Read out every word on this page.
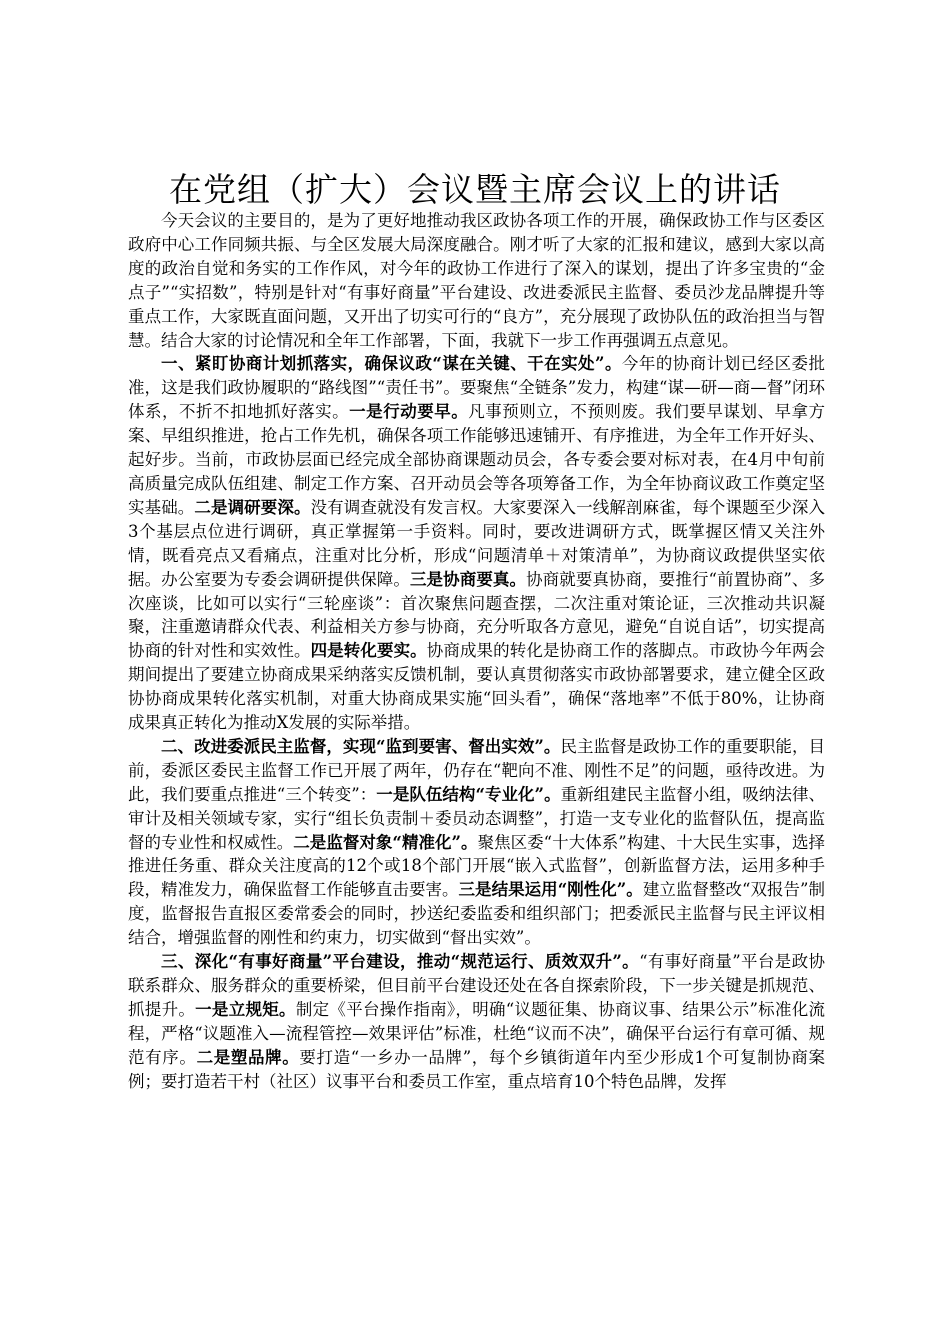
在党组（扩大）会议暨主席会议上的讲话

今天会议的主要目的，是为了更好地推动我区政协各项工作的开展，确保政协工作与区委区政府中心工作同频共振、与全区发展大局深度融合。刚才听了大家的汇报和建议，感到大家以高度的政治自觉和务实的工作作风，对今年的政协工作进行了深入的谋划，提出了许多宝贵的“金点子”“实招数”，特别是针对“有事好商量”平台建设、改进委派民主监督、委员沙龙品牌提升等重点工作，大家既直面问题，又开出了切实可行的“良方”，充分展现了政协队伍的政治担当与智慧。结合大家的讨论情况和全年工作部署，下面，我就下一步工作再强调五点意见。

一、紧盯协商计划抓落实，确保议政“谋在关键、干在实处”。今年的协商计划已经区委批准，这是我们政协履职的“路线图”“责任书”。要聚焦“全链条”发力，构建“谋—研—商—督”闭环体系，不折不扣地抓好落实。一是行动要早。凡事预则立，不预则废。我们要早谋划、早拿方案、早组织推进，抢占工作先机，确保各项工作能够迅速铺开、有序推进，为全年工作开好头、起好步。当前，市政协层面已经完成全部协商课题动员会，各专委会要对标对表，在4月中旬前高质量完成队伍组建、制定工作方案、召开动员会等各项筹备工作，为全年协商议政工作奠定坚实基础。二是调研要深。没有调查就没有发言权。大家要深入一线解剖麻雀，每个课题至少深入3个基层点位进行调研，真正掌握第一手资料。同时，要改进调研方式，既掌握区情又关注外情，既看亮点又看痛点，注重对比分析，形成“问题清单＋对策清单”，为协商议政提供坚实依据。办公室要为专委会调研提供保障。三是协商要真。协商就要真协商，要推行“前置协商”、多次座谈，比如可以实行“三轮座谈”：首次聚焦问题查摆，二次注重对策论证，三次推动共识凝聚，注重邀请群众代表、利益相关方参与协商，充分听取各方意见，避免“自说自话”，切实提高协商的针对性和实效性。四是转化要实。协商成果的转化是协商工作的落脚点。市政协今年两会期间提出了要建立协商成果采纳落实反馈机制，要认真贯彻落实市政协部署要求，建立健全区政协协商成果转化落实机制，对重大协商成果实施“回头看”，确保“落地率”不低于80%，让协商成果真正转化为推动X发展的实际举措。

二、改进委派民主监督，实现“监到要害、督出实效”。民主监督是政协工作的重要职能，目前，委派区委民主监督工作已开展了两年，仍存在“靶向不准、刚性不足”的问题，亟待改进。为此，我们要重点推进“三个转变”：一是队伍结构“专业化”。重新组建民主监督小组，吸纳法律、审计及相关领域专家，实行“组长负责制＋委员动态调整”，打造一支专业化的监督队伍，提高监督的专业性和权威性。二是监督对象“精准化”。聚焦区委“十大体系”构建、十大民生实事，选择推进任务重、群众关注度高的12个或18个部门开展“嵌入式监督”，创新监督方法，运用多种手段，精准发力，确保监督工作能够直击要害。三是结果运用“刚性化”。建立监督整改“双报告”制度，监督报告直报区委常委会的同时，抄送纪委监委和组织部门；把委派民主监督与民主评议相结合，增强监督的刚性和约束力，切实做到“督出实效”。

三、深化“有事好商量”平台建设，推动“规范运行、质效双升”。“有事好商量”平台是政协联系群众、服务群众的重要桥梁，但目前平台建设还处在各自探索阶段，下一步关键是抓规范、抓提升。一是立规矩。制定《平台操作指南》，明确“议题征集、协商议事、结果公示”标准化流程，严格“议题准入—流程管控—效果评估”标准，杜绝“议而不决”，确保平台运行有章可循、规范有序。二是塑品牌。要打造“一乡办一品牌”，每个乡镇街道年内至少形成1个可复制协商案例；要打造若干村（社区）议事平台和委员工作室，重点培育10个特色品牌，发挥
